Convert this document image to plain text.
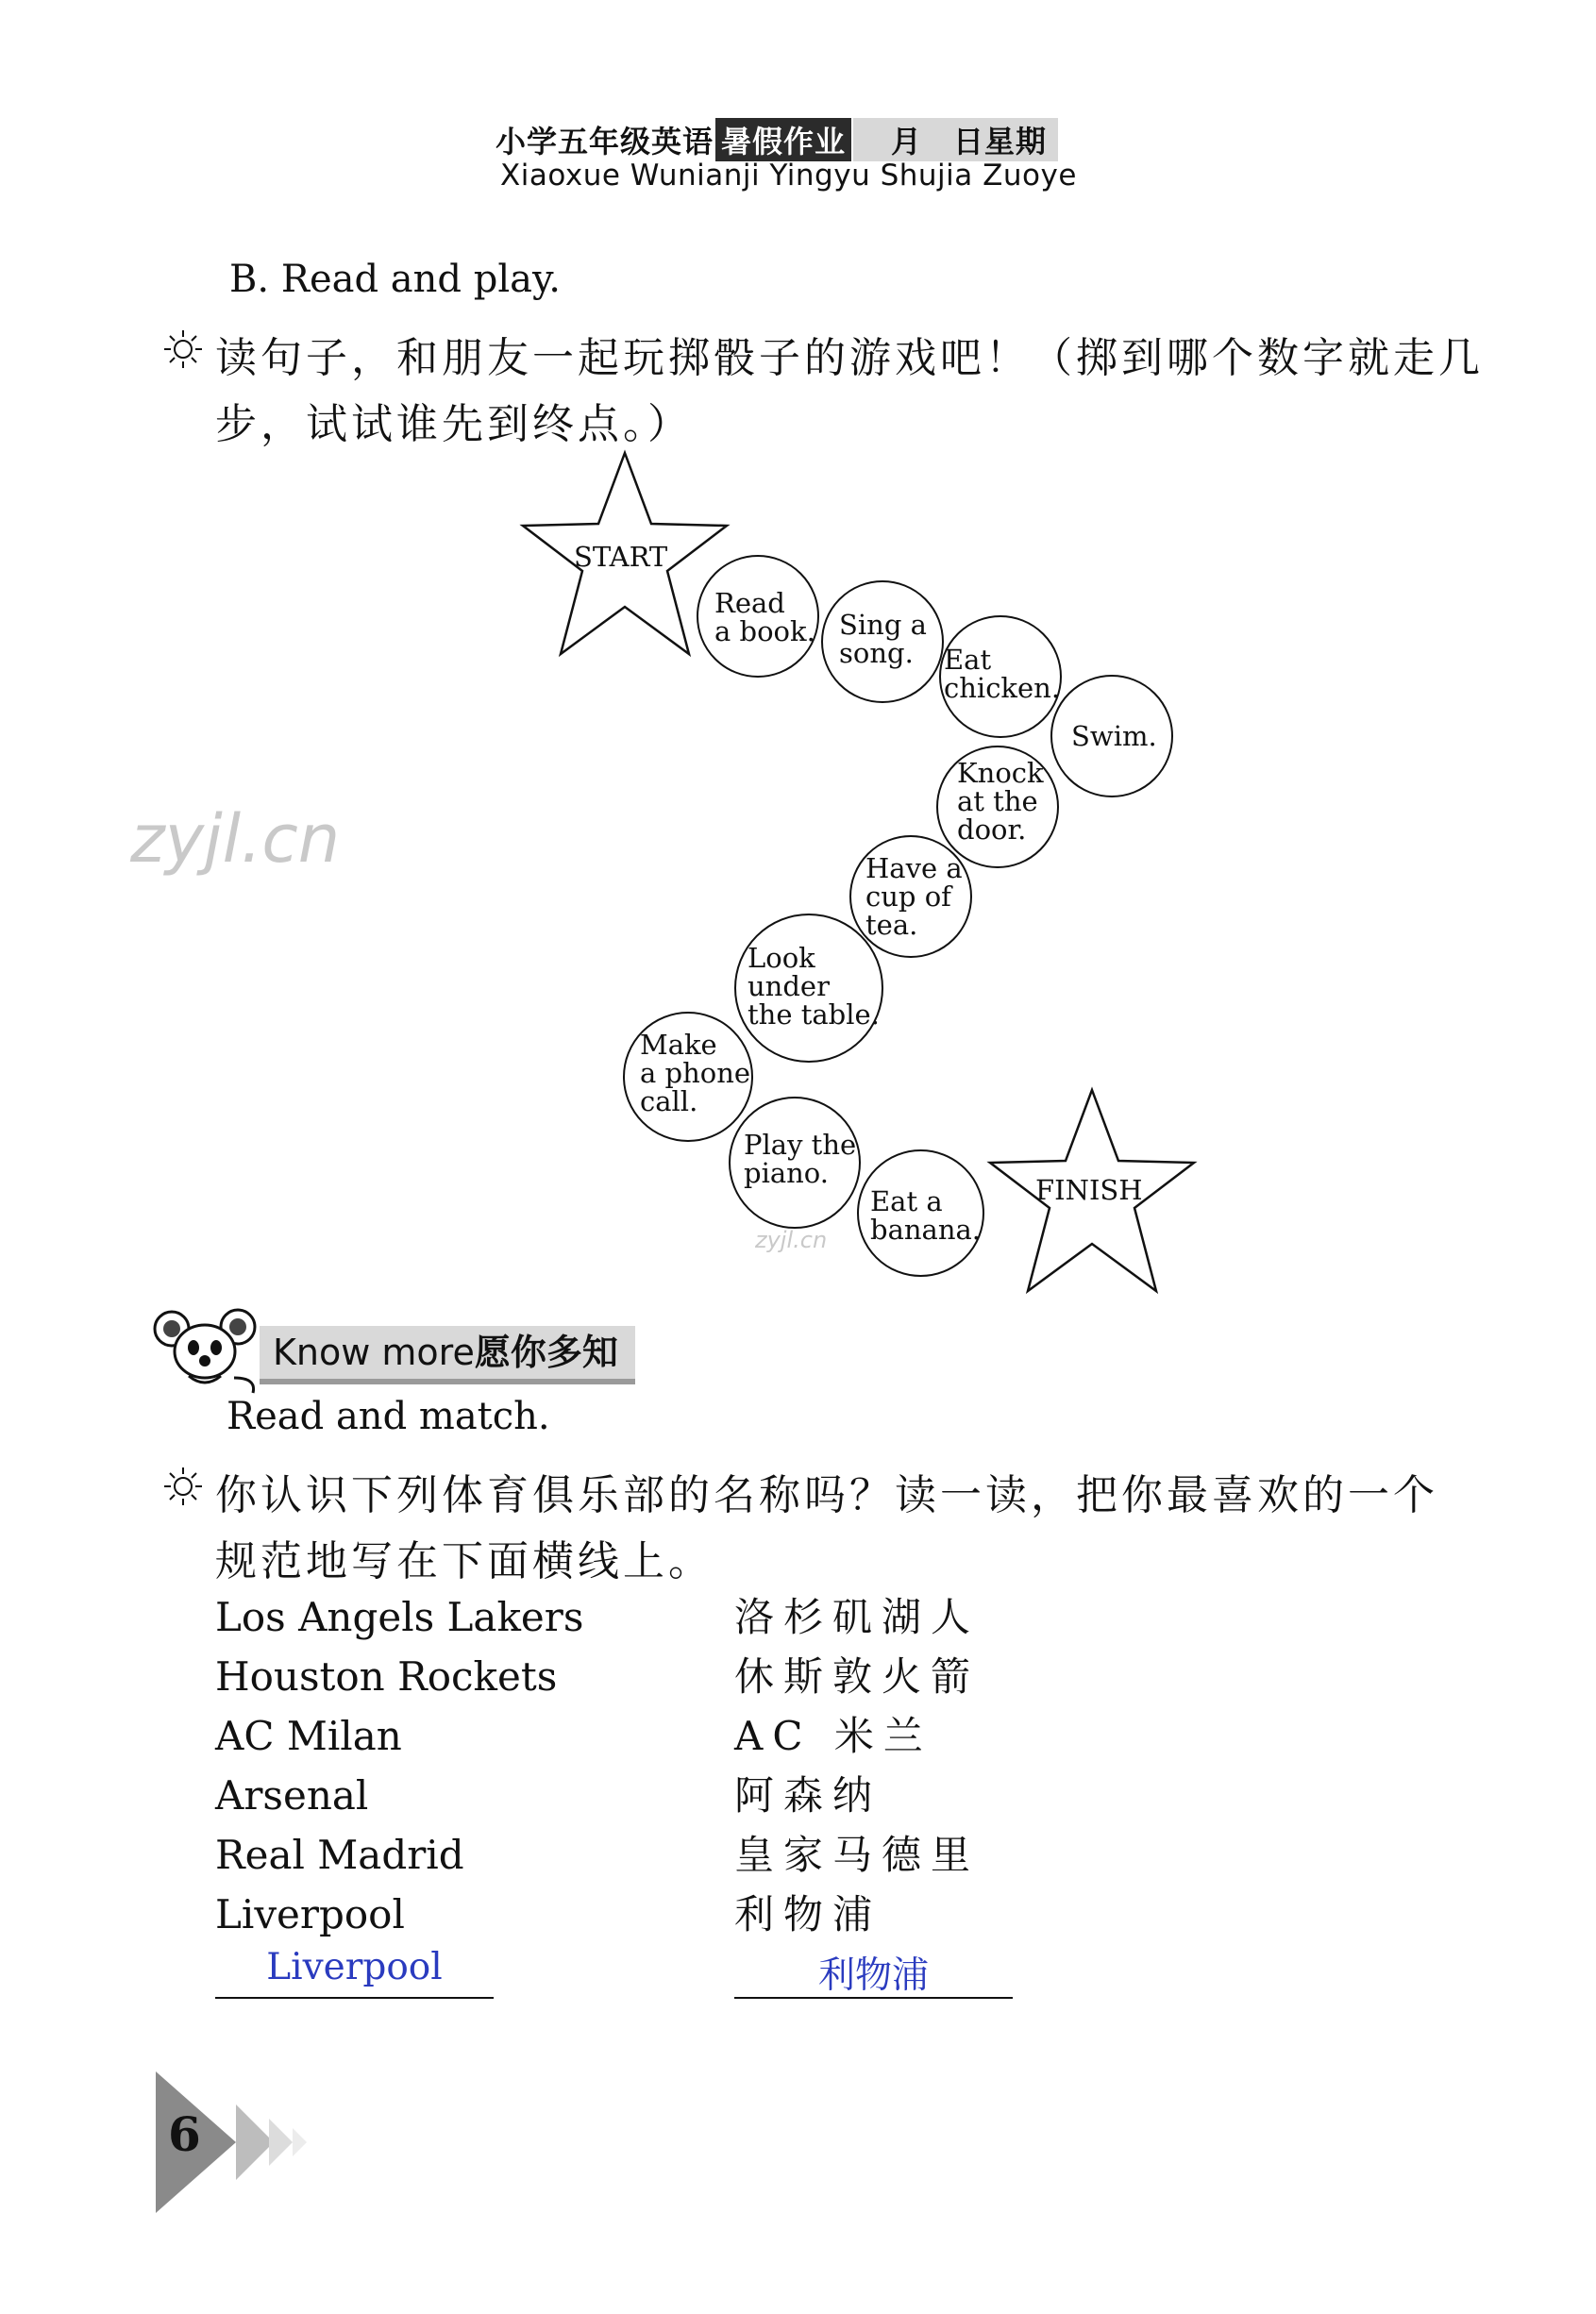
小学五年级英语 暑假作业 月　日星期
Xiaoxue Wunianji Yingyu Shujia Zuoye
B. Read and play.
读句子，和朋友一起玩掷骰子的游戏吧！（掷到哪个数字就走几
步，试试谁先到终点。）
START
FINISH
Read
a book. Sing a
song.	Eat
chicken.
Swim.
Knock
at the
door.
Have a
cup of
tea.
Look
under
the table.
Make
a phone
call.
Play the
piano.
Eat a
banana.
zyjl.cn
zyjl.cn
Know more愿你多知
Read and match.
你认识下列体育俱乐部的名称吗？读一读，把你最喜欢的一个
规范地写在下面横线上。
Los Angels Lakers
Houston Rockets
AC Milan
Arsenal
Real Madrid
Liverpool
洛杉矶湖人
休斯敦火箭
AC 米兰
阿森纳
皇家马德里
利物浦
Liverpool	利物浦
6
